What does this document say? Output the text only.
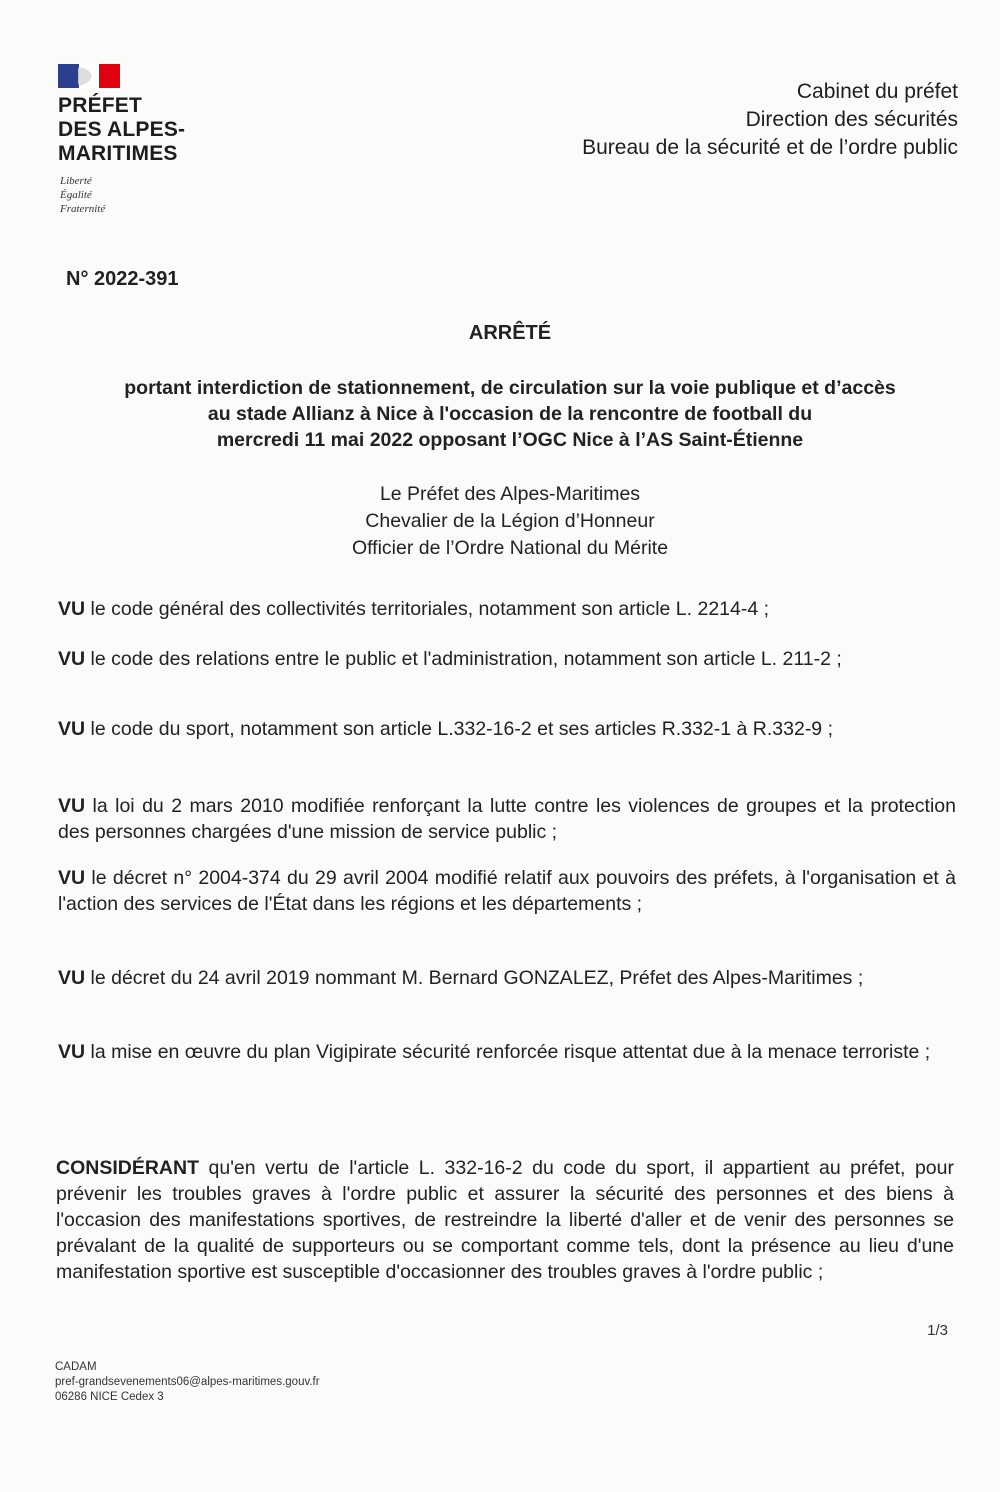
PRÉFET
DES ALPES-
MARITIMES
Liberté
Égalité
Fraternité
Cabinet du préfet
Direction des sécurités
Bureau de la sécurité et de l’ordre public
N° 2022-391
ARRÊTÉ
portant interdiction de stationnement, de circulation sur la voie publique et d’accès
au stade Allianz à Nice à l'occasion de la rencontre de football du
mercredi 11 mai 2022 opposant l’OGC Nice à l’AS Saint-Étienne
Le Préfet des Alpes-Maritimes
Chevalier de la Légion d’Honneur
Officier de l’Ordre National du Mérite
VU le code général des collectivités territoriales, notamment son article L. 2214-4 ;
VU le code des relations entre le public et l'administration, notamment son article L. 211-2 ;
VU le code du sport, notamment son article L.332-16-2 et ses articles R.332-1 à R.332-9 ;
VU la loi du 2 mars 2010 modifiée renforçant la lutte contre les violences de groupes et la protection des personnes chargées d'une mission de service public ;
VU le décret n° 2004-374 du 29 avril 2004 modifié relatif aux pouvoirs des préfets, à l'organisation et à l'action des services de l'État dans les régions et les départements ;
VU le décret du 24 avril 2019 nommant M. Bernard GONZALEZ, Préfet des Alpes-Maritimes ;
VU la mise en œuvre du plan Vigipirate sécurité renforcée risque attentat due à la menace terroriste ;
CONSIDÉRANT qu'en vertu de l'article L. 332-16-2 du code du sport, il appartient au préfet, pour prévenir les troubles graves à l'ordre public et assurer la sécurité des personnes et des biens à l'occasion des manifestations sportives, de restreindre la liberté d'aller et de venir des personnes se prévalant de la qualité de supporteurs ou se comportant comme tels, dont la présence au lieu d'une manifestation sportive est susceptible d'occasionner des troubles graves à l'ordre public ;
1/3
CADAM
pref-grandsevenements06@alpes-maritimes.gouv.fr
06286 NICE Cedex 3
